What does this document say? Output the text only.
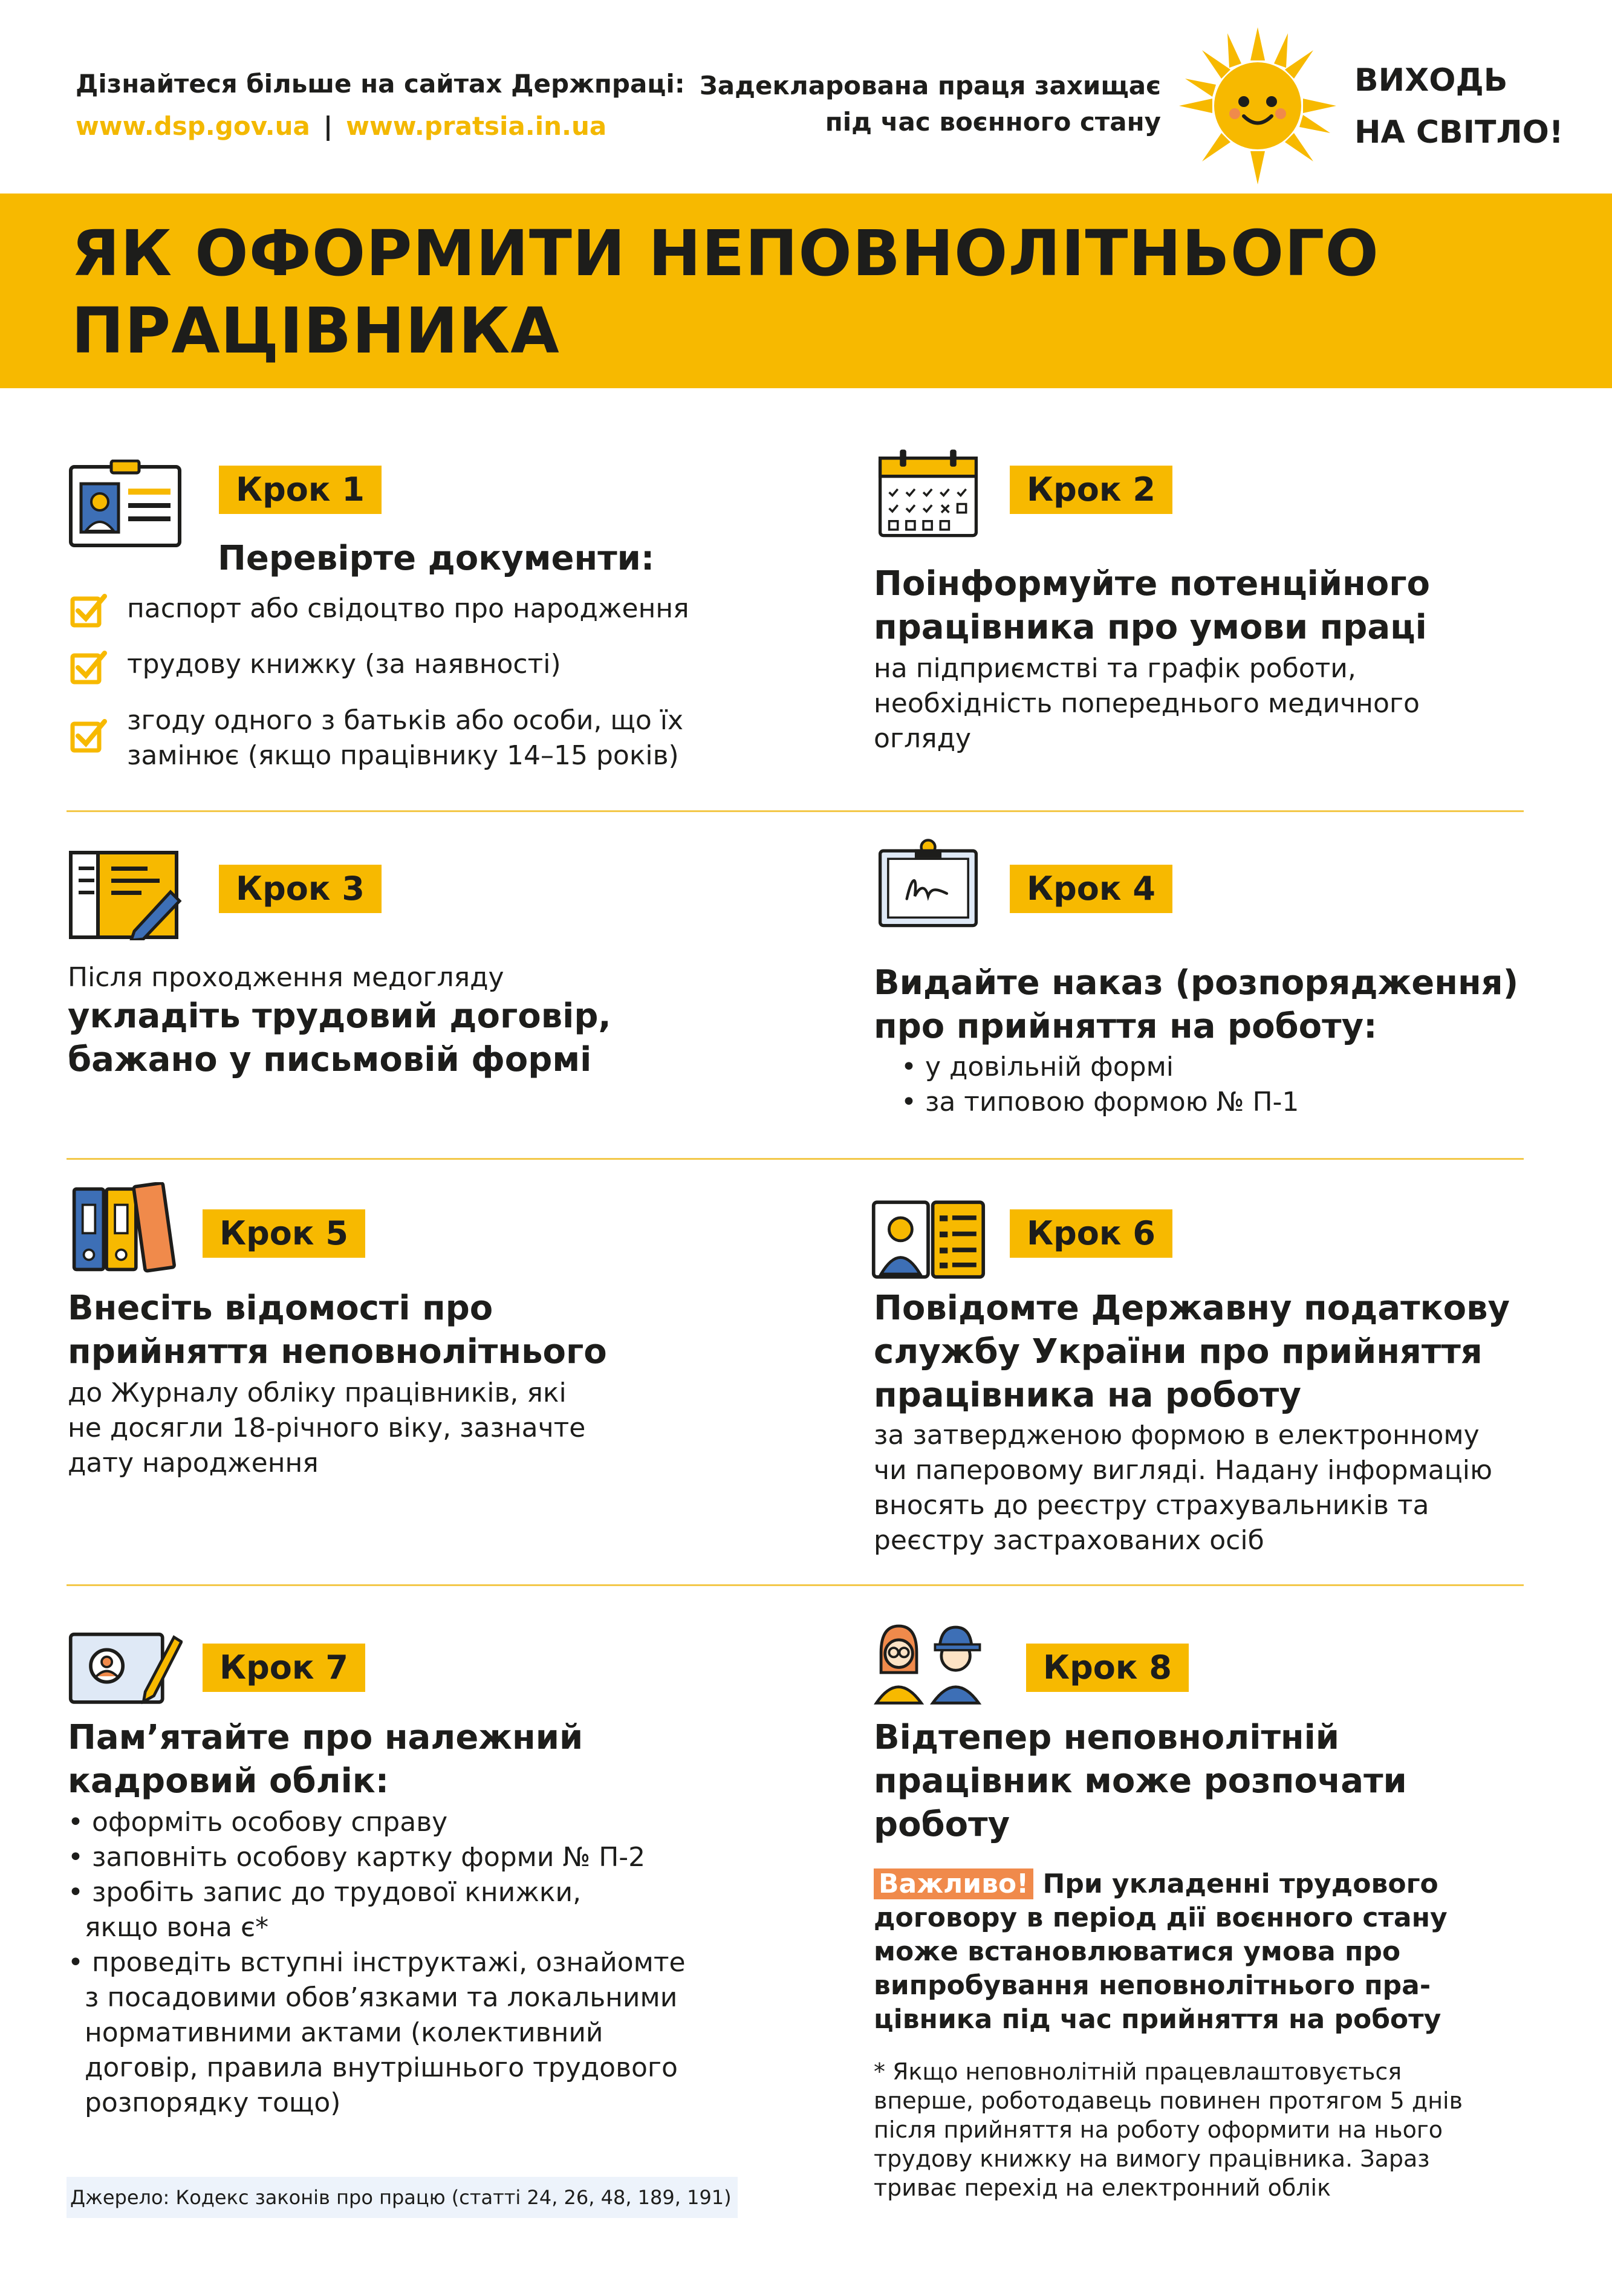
Дізнайтеся більше на сайтах Держпраці:
www.dsp.gov.ua | www.pratsia.in.ua
Задекларована праця захищає
під час воєнного стану
ВИХОДЬ
НА СВІТЛО!
ЯК ОФОРМИТИ НЕПОВНОЛІТНЬОГО
ПРАЦІВНИКА
Крок 1
Перевірте документи:
паспорт або свідоцтво про народження
трудову книжку (за наявності)
згоду одного з батьків або особи, що їх
замінює (якщо працівнику 14–15 років)
Крок 2
Поінформуйте потенційного
працівника про умови праці
на підприємстві та графік роботи,
необхідність попереднього медичного
огляду
Крок 3
Після проходження медогляду
укладіть трудовий договір,
бажано у письмовій формі
Крок 4
Видайте наказ (розпорядження)
про прийняття на роботу:
• у довільній формі
• за типовою формою № П-1
Крок 5
Внесіть відомості про
прийняття неповнолітнього
до Журналу обліку працівників, які
не досягли 18-річного віку, зазначте
дату народження
Крок 6
Повідомте Державну податкову
службу України про прийняття
працівника на роботу
за затвердженою формою в електронному
чи паперовому вигляді. Надану інформацію
вносять до реєстру страхувальників та
реєстру застрахованих осіб
Крок 7
Пам’ятайте про належний
кадровий облік:
• оформіть особову справу
• заповніть особову картку форми № П-2
• зробіть запис до трудової книжки,
якщо вона є*
• проведіть вступні інструктажі, ознайомте
з посадовими обов’язками та локальними
нормативними актами (колективний
договір, правила внутрішнього трудового
розпорядку тощо)
Крок 8
Відтепер неповнолітній
працівник може розпочати
роботу
Важливо! При укладенні трудового
договору в період дії воєнного стану
може встановлюватися умова про
випробування неповнолітнього пра-
цівника під час прийняття на роботу
* Якщо неповнолітній працевлаштовується
вперше, роботодавець повинен протягом 5 днів
після прийняття на роботу оформити на нього
трудову книжку на вимогу працівника. Зараз
триває перехід на електронний облік
Джерело: Кодекс законів про працю (статті 24, 26, 48, 189, 191)
